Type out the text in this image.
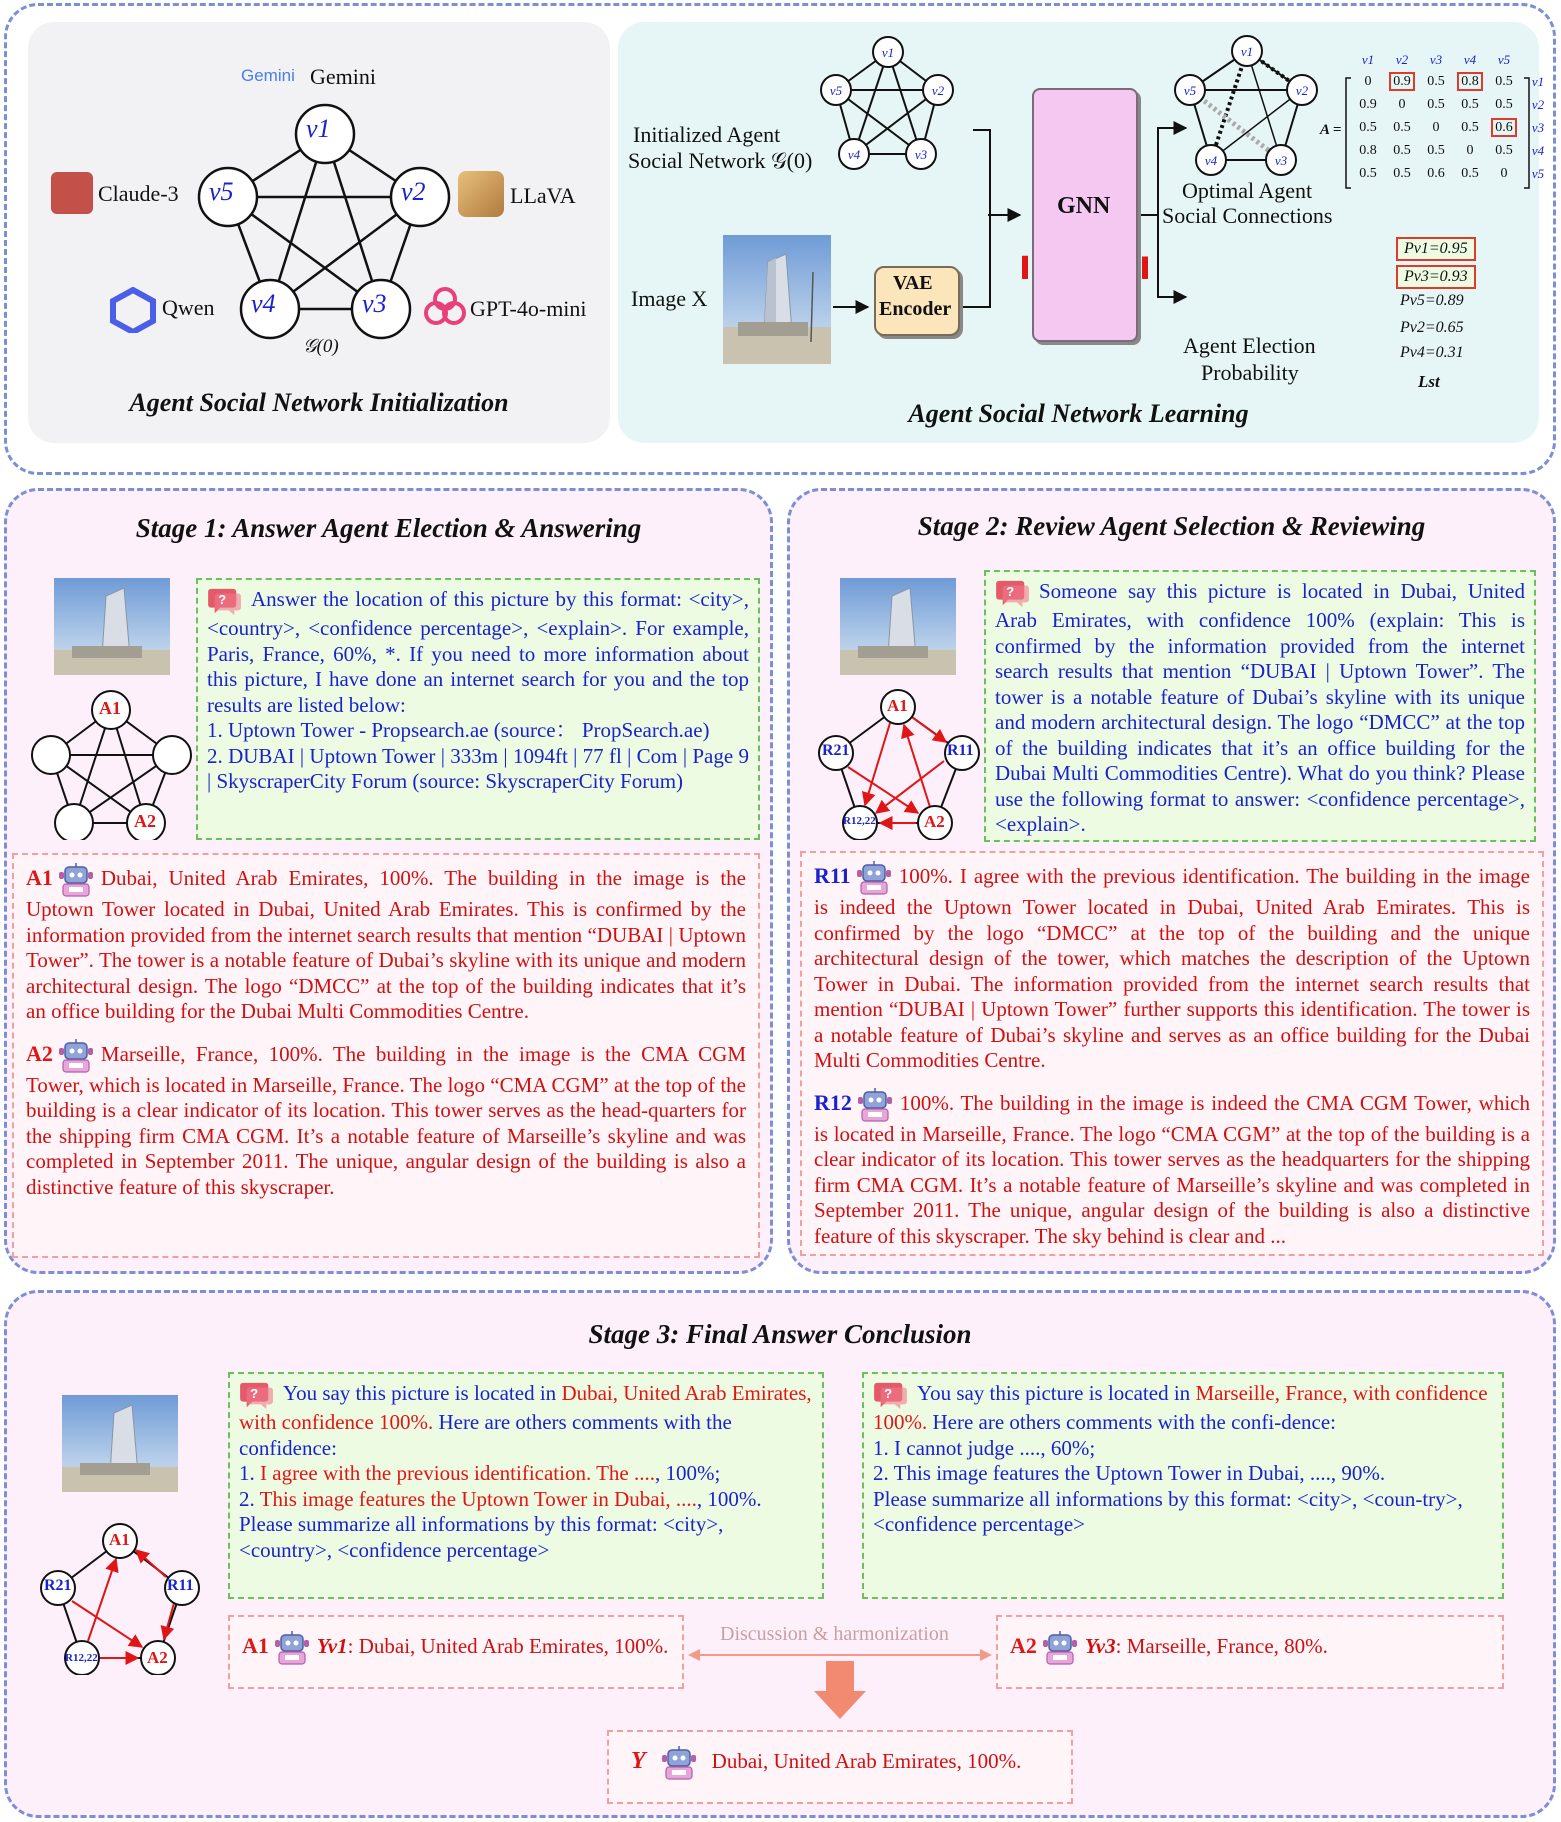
v1
v2
v3
v4
v5
Gemini Gemini
Claude-3	LLaVA
Qwen	GPT-4o-mini
𝒢(0)
Agent Social Network Initialization
v1
v2
v3
v4
v5
v1
v2
v3
v4
v5
GNN
VAE
Encoder
Initialized Agent
Social Network 𝒢(0)
Image X
Optimal Agent
Social Connections
Agent Election
Probability
A =
v1	v2	v3	v4	v5	
0	0.9	0.5	0.8	0.5	v1
0.9	0	0.5	0.5	0.5	v2
0.5	0.5	0	0.5	0.6	v3
0.8	0.5	0.5	0	0.5	v4
0.5	0.5	0.6	0.5	0	v5
Pv1=0.95
Pv3=0.93
Pv5=0.89
Pv2=0.65
Pv4=0.31
Lst
Agent Social Network Learning
Stage 1: Answer Agent Election & Answering
A1
A2
Answer the location of this picture by this format: <city>, <country>, <confidence percentage>, <explain>. For example, Paris, France, 60%, *. If you need to more information about this picture, I have done an internet search for you and the top results are listed below:
1. Uptown Tower - Propsearch.ae (source： PropSearch.ae)
2. DUBAI | Uptown Tower | 333m | 1094ft | 77 fl | Com | Page 9 | SkyscraperCity Forum (source: SkyscraperCity Forum)

A1 Dubai, United Arab Emirates, 100%. The building in the image is the Uptown Tower located in Dubai, United Arab Emirates. This is confirmed by the information provided from the internet search results that mention “DUBAI | Uptown Tower”. The tower is a notable feature of Dubai’s skyline with its unique and modern architectural design. The logo “DMCC” at the top of the building indicates that it’s an office building for the Dubai Multi Commodities Centre.

A2 Marseille, France, 100%. The building in the image is the CMA CGM Tower, which is located in Marseille, France. The logo “CMA CGM” at the top of the building is a clear indicator of its location. This tower serves as the head-quarters for the shipping firm CMA CGM. It’s a notable feature of Marseille’s skyline and was completed in September 2011. The unique, angular design of the building is also a distinctive feature of this skyscraper.

Stage 2: Review Agent Selection & Reviewing
A1
R11
R21
R12,22	A2
Someone say this picture is located in Dubai, United Arab Emirates, with confidence 100% (explain: This is confirmed by the information provided from the internet search results that mention “DUBAI | Uptown Tower”. The tower is a notable feature of Dubai’s skyline with its unique and modern architectural design. The logo “DMCC” at the top of the building indicates that it’s an office building for the Dubai Multi Commodities Centre). What do you think? Please use the following format to answer: <confidence percentage>, <explain>.

R11 100%. I agree with the previous identification. The building in the image is indeed the Uptown Tower located in Dubai, United Arab Emirates. This is confirmed by the logo “DMCC” at the top of the building and the unique architectural design of the tower, which matches the description of the Uptown Tower in Dubai. The information provided from the internet search results that mention “DUBAI | Uptown Tower” further supports this identification. The tower is a notable feature of Dubai’s skyline and serves as an office building for the Dubai Multi Commodities Centre.

R12 100%. The building in the image is indeed the CMA CGM Tower, which is located in Marseille, France. The logo “CMA CGM” at the top of the building is a clear indicator of its location. This tower serves as the headquarters for the shipping firm CMA CGM. It’s a notable feature of Marseille’s skyline and was completed in September 2011. The unique, angular design of the building is also a distinctive feature of this skyscraper. The sky behind is clear and ...

Stage 3: Final Answer Conclusion
A1
R11
R21
R12,22	A2
You say this picture is located in Dubai, United Arab Emirates, with confidence 100%. Here are others comments with the confidence:
1. I agree with the previous identification. The ...., 100%;
2. This image features the Uptown Tower in Dubai, ...., 100%.
Please summarize all informations by this format: <city>, <country>, <confidence percentage>
You say this picture is located in Marseille, France, with confidence 100%. Here are others comments with the confi-dence:
1. I cannot judge ...., 60%;
2. This image features the Uptown Tower in Dubai, ...., 90%.
Please summarize all informations by this format: <city>, <coun-try>, <confidence percentage>
A1 Yv1: Dubai, United Arab Emirates, 100%.	A2 Yv3: Marseille, France, 80%.
Discussion & harmonization
Y	Dubai, United Arab Emirates, 100%.
